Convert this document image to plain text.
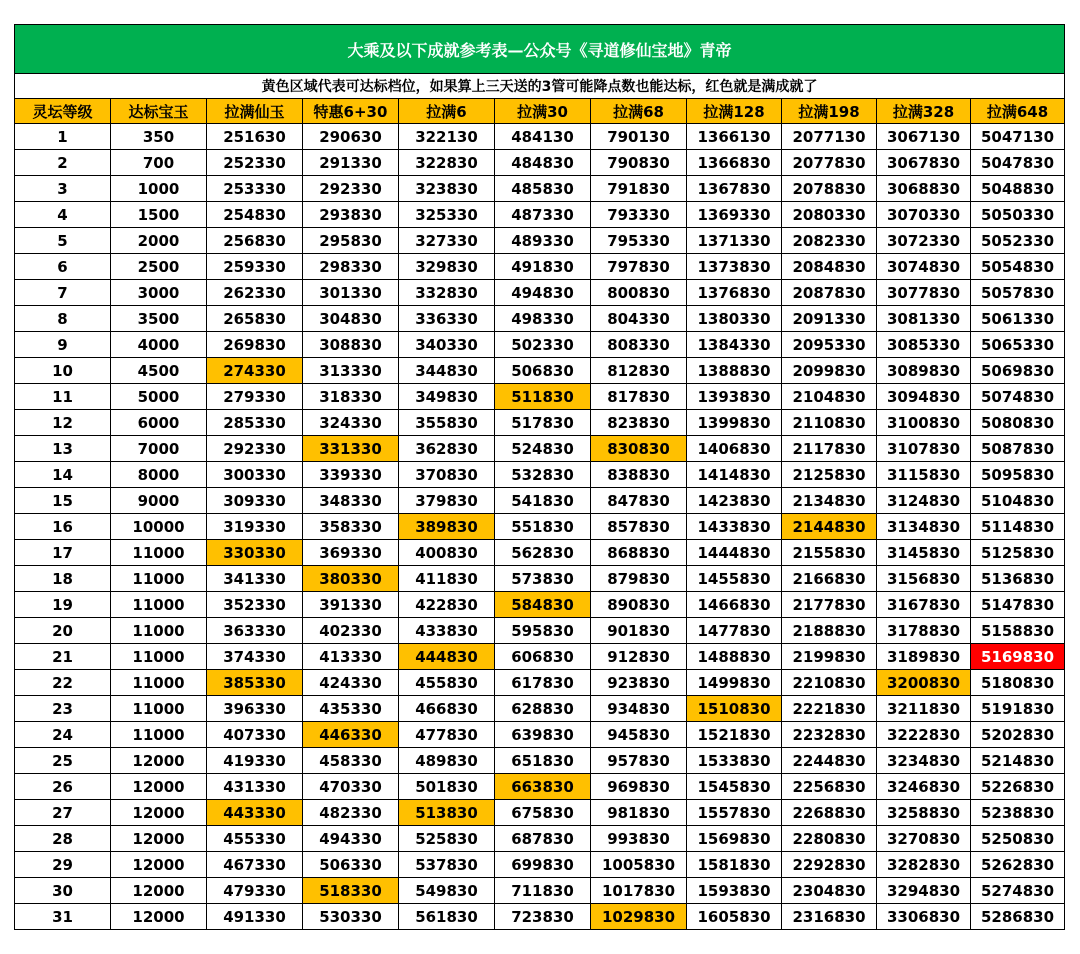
大乘及以下成就参考表—公众号《寻道修仙宝地》青帝										
黄色区域代表可达标档位，如果算上三天送的3管可能降点数也能达标，红色就是满成就了										
灵坛等级	达标宝玉	拉满仙玉	特惠6+30	拉满6	拉满30	拉满68	拉满128	拉满198	拉满328	拉满648
1	350	251630	290630	322130	484130	790130	1366130	2077130	3067130	5047130
2	700	252330	291330	322830	484830	790830	1366830	2077830	3067830	5047830
3	1000	253330	292330	323830	485830	791830	1367830	2078830	3068830	5048830
4	1500	254830	293830	325330	487330	793330	1369330	2080330	3070330	5050330
5	2000	256830	295830	327330	489330	795330	1371330	2082330	3072330	5052330
6	2500	259330	298330	329830	491830	797830	1373830	2084830	3074830	5054830
7	3000	262330	301330	332830	494830	800830	1376830	2087830	3077830	5057830
8	3500	265830	304830	336330	498330	804330	1380330	2091330	3081330	5061330
9	4000	269830	308830	340330	502330	808330	1384330	2095330	3085330	5065330
10	4500	274330	313330	344830	506830	812830	1388830	2099830	3089830	5069830
11	5000	279330	318330	349830	511830	817830	1393830	2104830	3094830	5074830
12	6000	285330	324330	355830	517830	823830	1399830	2110830	3100830	5080830
13	7000	292330	331330	362830	524830	830830	1406830	2117830	3107830	5087830
14	8000	300330	339330	370830	532830	838830	1414830	2125830	3115830	5095830
15	9000	309330	348330	379830	541830	847830	1423830	2134830	3124830	5104830
16	10000	319330	358330	389830	551830	857830	1433830	2144830	3134830	5114830
17	11000	330330	369330	400830	562830	868830	1444830	2155830	3145830	5125830
18	11000	341330	380330	411830	573830	879830	1455830	2166830	3156830	5136830
19	11000	352330	391330	422830	584830	890830	1466830	2177830	3167830	5147830
20	11000	363330	402330	433830	595830	901830	1477830	2188830	3178830	5158830
21	11000	374330	413330	444830	606830	912830	1488830	2199830	3189830	5169830
22	11000	385330	424330	455830	617830	923830	1499830	2210830	3200830	5180830
23	11000	396330	435330	466830	628830	934830	1510830	2221830	3211830	5191830
24	11000	407330	446330	477830	639830	945830	1521830	2232830	3222830	5202830
25	12000	419330	458330	489830	651830	957830	1533830	2244830	3234830	5214830
26	12000	431330	470330	501830	663830	969830	1545830	2256830	3246830	5226830
27	12000	443330	482330	513830	675830	981830	1557830	2268830	3258830	5238830
28	12000	455330	494330	525830	687830	993830	1569830	2280830	3270830	5250830
29	12000	467330	506330	537830	699830	1005830	1581830	2292830	3282830	5262830
30	12000	479330	518330	549830	711830	1017830	1593830	2304830	3294830	5274830
31	12000	491330	530330	561830	723830	1029830	1605830	2316830	3306830	5286830
